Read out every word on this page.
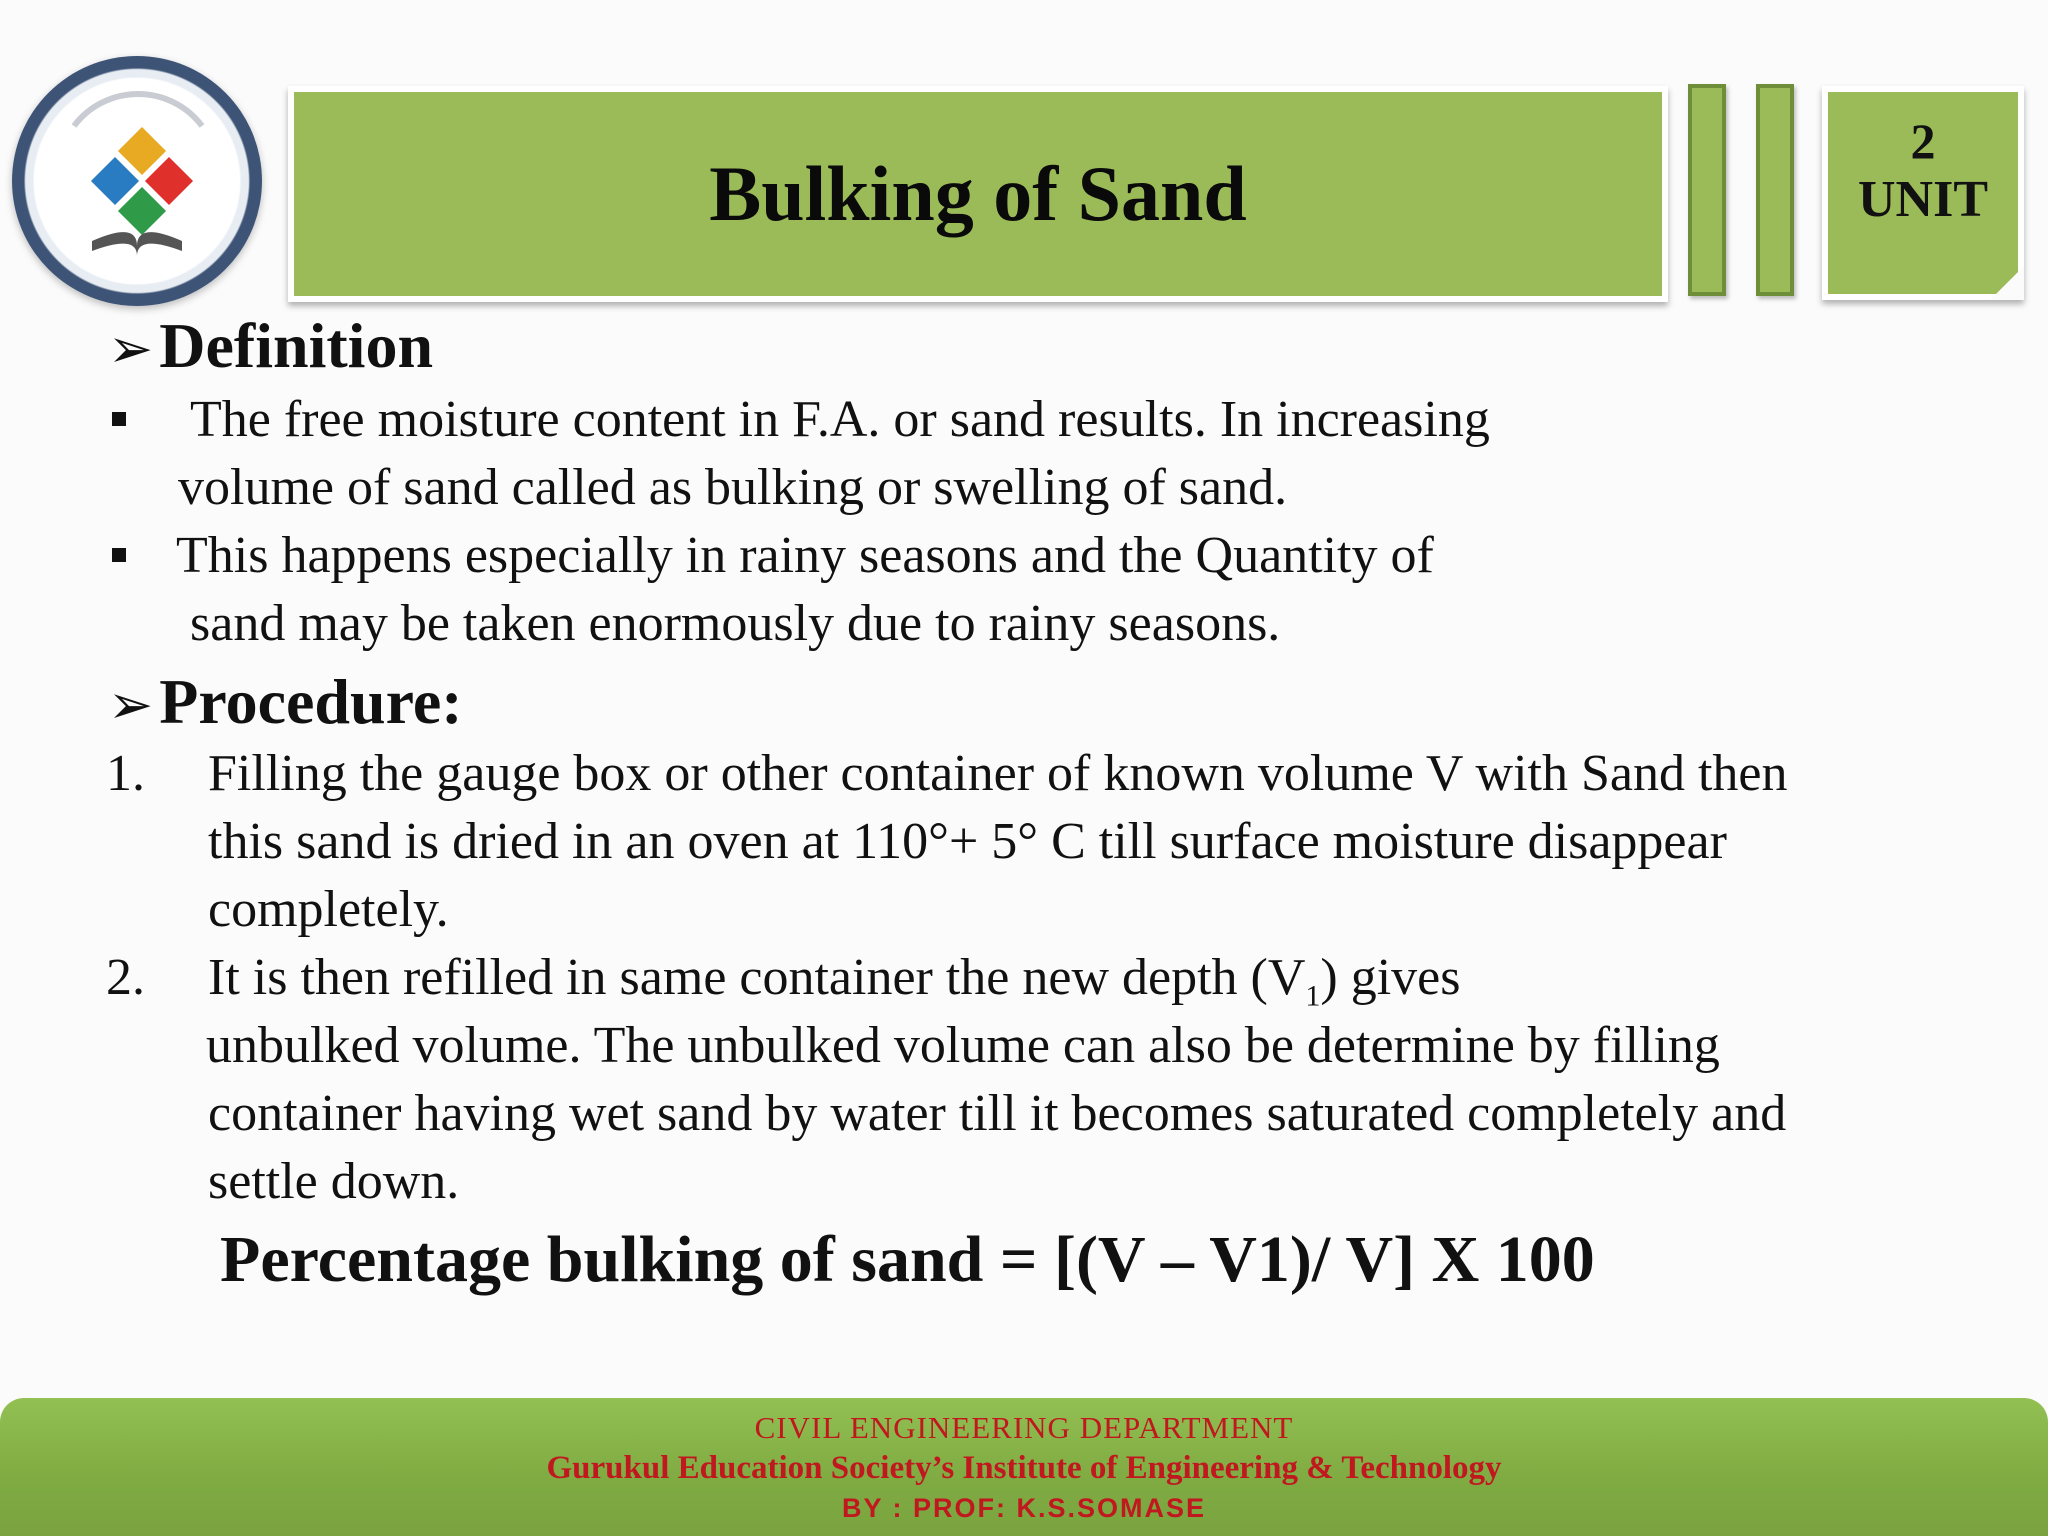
Bulking of Sand
2
UNIT
➢Definition
The free moisture content in F.A. or sand results. In increasing
volume of sand called as bulking or swelling of sand.
This happens especially in rainy seasons and the Quantity of
sand may be taken enormously due to rainy seasons.
➢Procedure:
1. Filling the gauge box or other container of known volume V with Sand then
this sand is dried in an oven at 110°+ 5° C till surface moisture disappear
completely.
2. It is then refilled in same container the new depth $(V_1)$ gives
unbulked volume. The unbulked volume can also be determine by filling
container having wet sand by water till it becomes saturated completely and
settle down.
Percentage bulking of sand = [(V – V1)/ V] X 100
CIVIL ENGINEERING DEPARTMENT
Gurukul Education Society’s Institute of Engineering & Technology
BY : PROF: K.S.SOMASE
